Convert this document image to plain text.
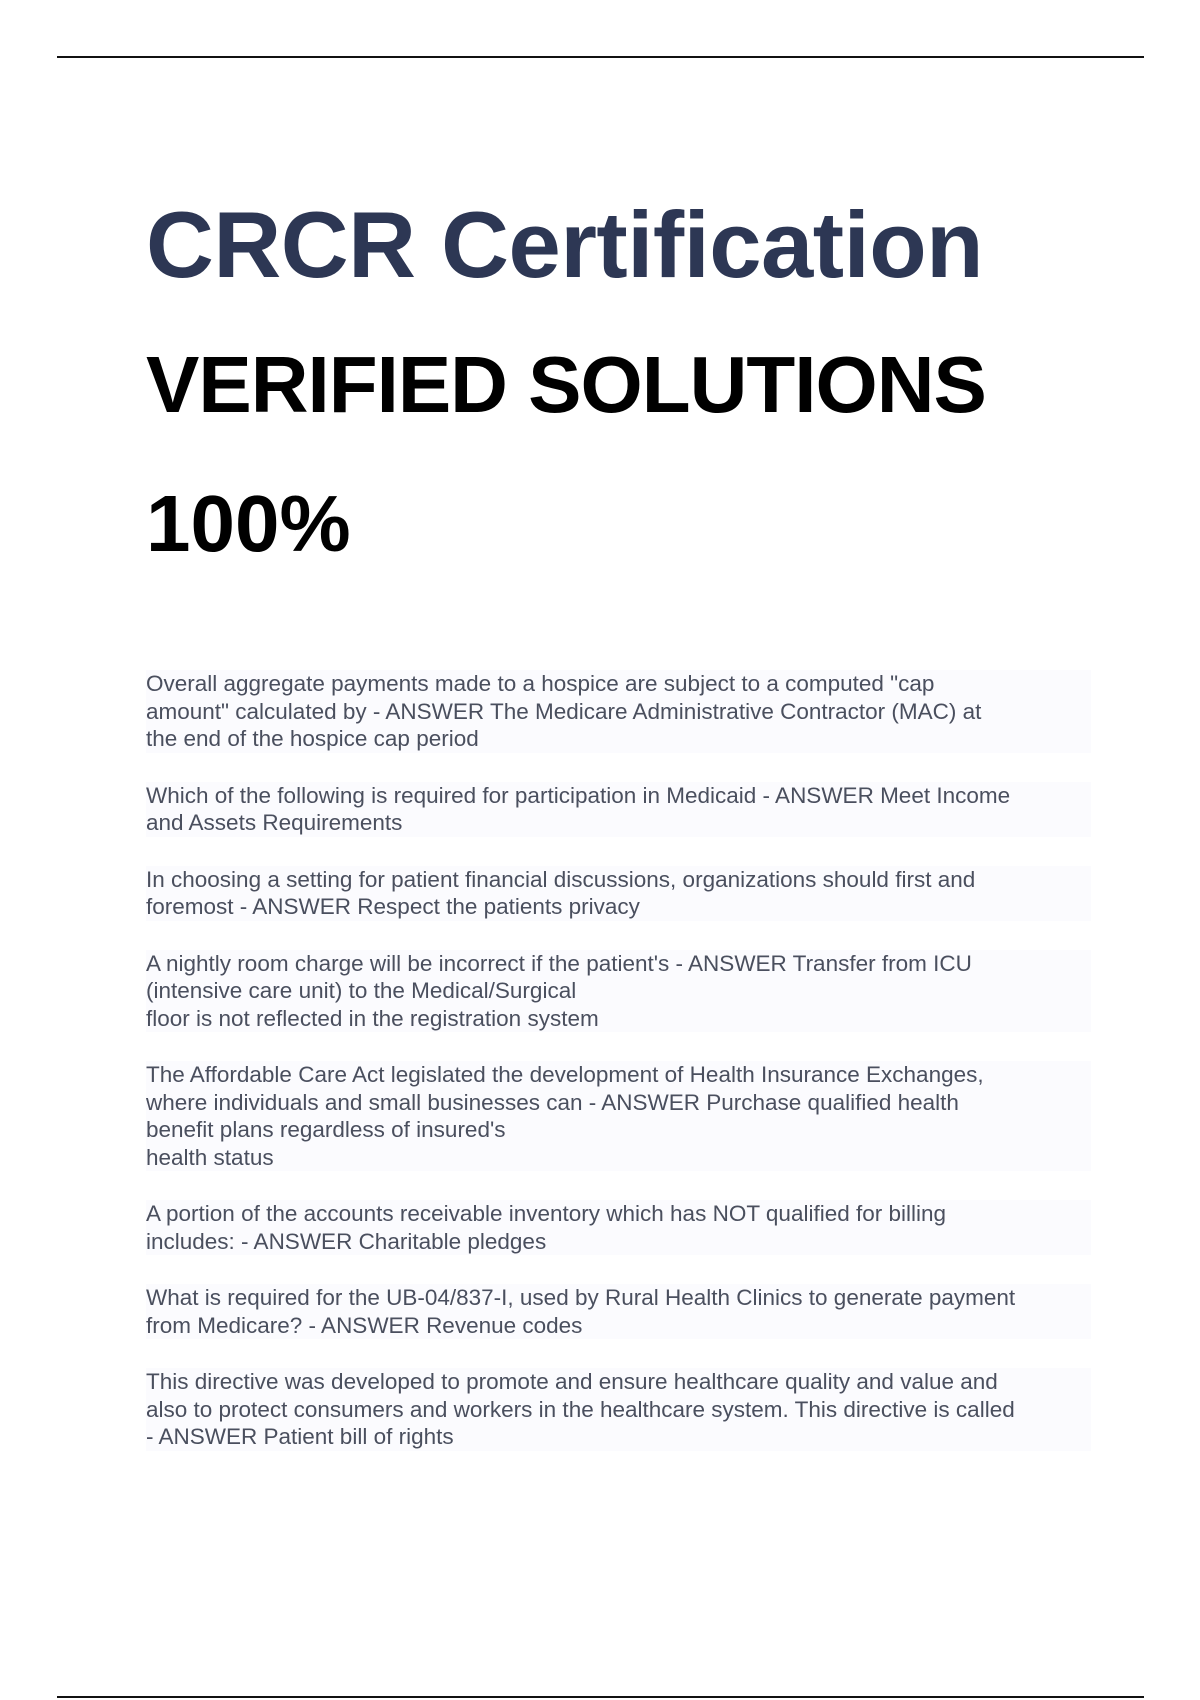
CRCR Certification
VERIFIED SOLUTIONS
100%
Overall aggregate payments made to a hospice are subject to a computed "cap
amount" calculated by - ANSWER The Medicare Administrative Contractor (MAC) at
the end of the hospice cap period
Which of the following is required for participation in Medicaid - ANSWER Meet Income
and Assets Requirements
In choosing a setting for patient financial discussions, organizations should first and
foremost - ANSWER Respect the patients privacy
A nightly room charge will be incorrect if the patient's - ANSWER Transfer from ICU
(intensive care unit) to the Medical/Surgical
floor is not reflected in the registration system
The Affordable Care Act legislated the development of Health Insurance Exchanges,
where individuals and small businesses can - ANSWER Purchase qualified health
benefit plans regardless of insured's
health status
A portion of the accounts receivable inventory which has NOT qualified for billing
includes: - ANSWER Charitable pledges
What is required for the UB-04/837-I, used by Rural Health Clinics to generate payment
from Medicare? - ANSWER Revenue codes
This directive was developed to promote and ensure healthcare quality and value and
also to protect consumers and workers in the healthcare system. This directive is called
- ANSWER Patient bill of rights
